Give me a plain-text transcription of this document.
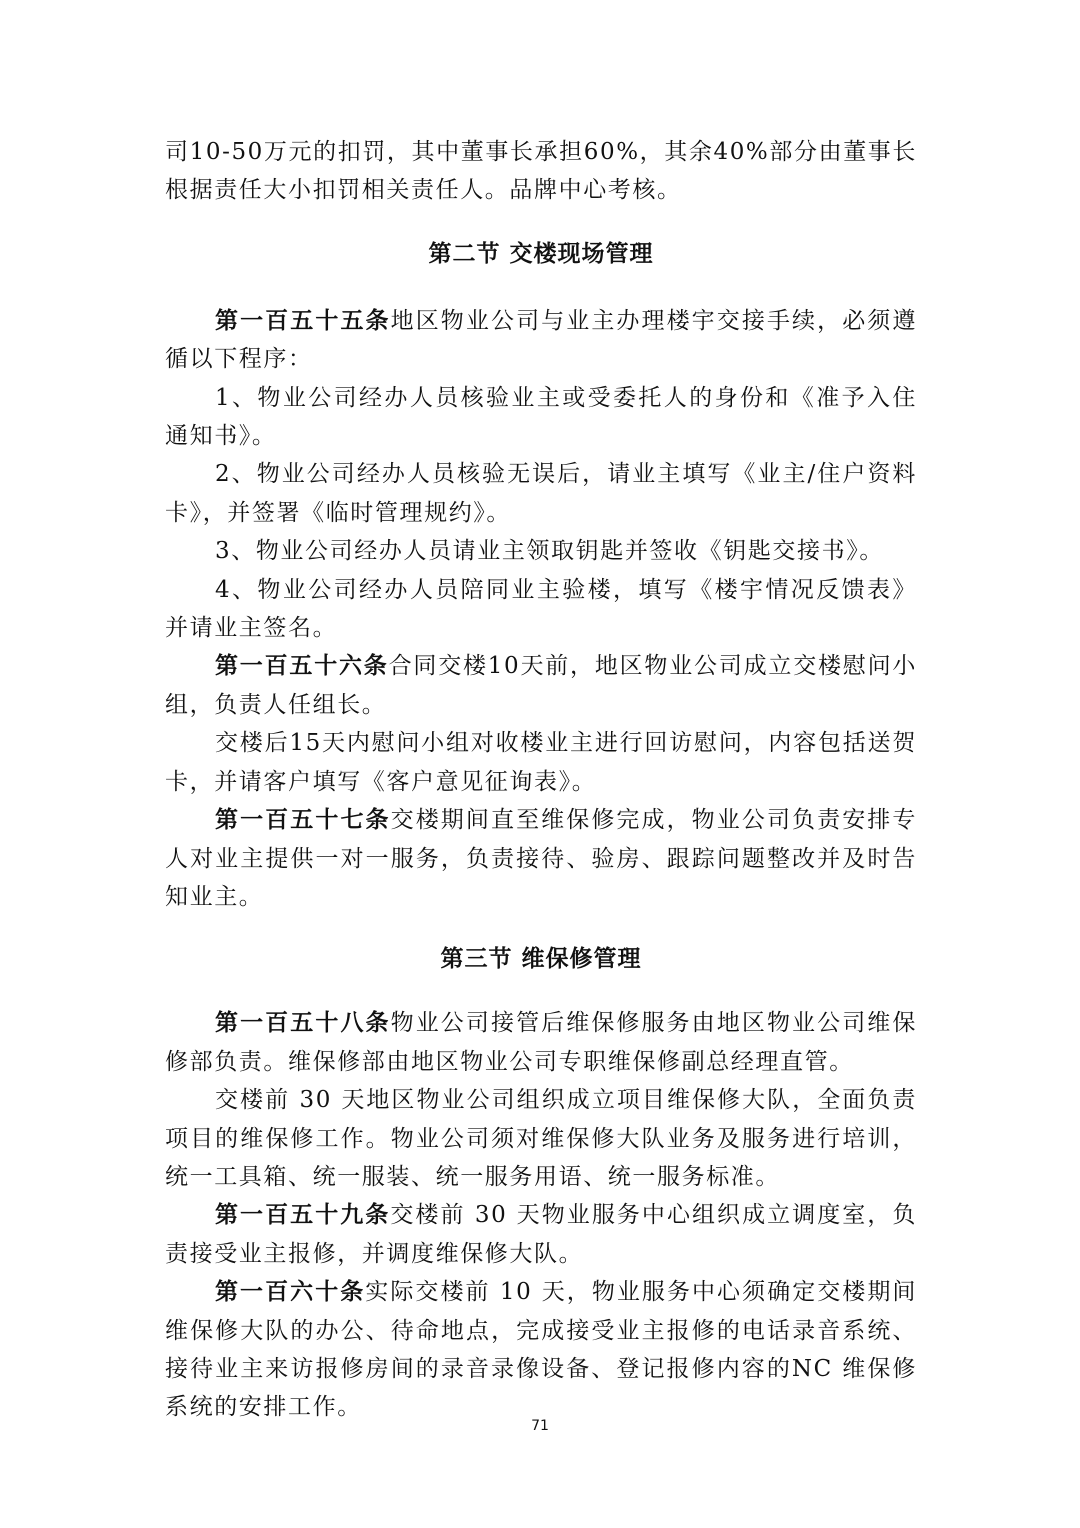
司10-50万元的扣罚，其中董事长承担60%，其余40%部分由董事长根据责任大小扣罚相关责任人。品牌中心考核。

第二节 交楼现场管理

第一百五十五条地区物业公司与业主办理楼宇交接手续，必须遵循以下程序：

1、物业公司经办人员核验业主或受委托人的身份和《准予入住通知书》。

2、物业公司经办人员核验无误后，请业主填写《业主/住户资料卡》，并签署《临时管理规约》。

3、物业公司经办人员请业主领取钥匙并签收《钥匙交接书》。

4、物业公司经办人员陪同业主验楼，填写《楼宇情况反馈表》并请业主签名。

第一百五十六条合同交楼10天前，地区物业公司成立交楼慰问小组，负责人任组长。

交楼后15天内慰问小组对收楼业主进行回访慰问，内容包括送贺卡，并请客户填写《客户意见征询表》。

第一百五十七条交楼期间直至维保修完成，物业公司负责安排专人对业主提供一对一服务，负责接待、验房、跟踪问题整改并及时告知业主。

第三节 维保修管理

第一百五十八条物业公司接管后维保修服务由地区物业公司维保修部负责。维保修部由地区物业公司专职维保修副总经理直管。

交楼前 30 天地区物业公司组织成立项目维保修大队，全面负责项目的维保修工作。物业公司须对维保修大队业务及服务进行培训，统一工具箱、统一服装、统一服务用语、统一服务标准。

第一百五十九条交楼前 30 天物业服务中心组织成立调度室，负责接受业主报修，并调度维保修大队。

第一百六十条实际交楼前 10 天，物业服务中心须确定交楼期间维保修大队的办公、待命地点，完成接受业主报修的电话录音系统、接待业主来访报修房间的录音录像设备、登记报修内容的NC 维保修系统的安排工作。

71
